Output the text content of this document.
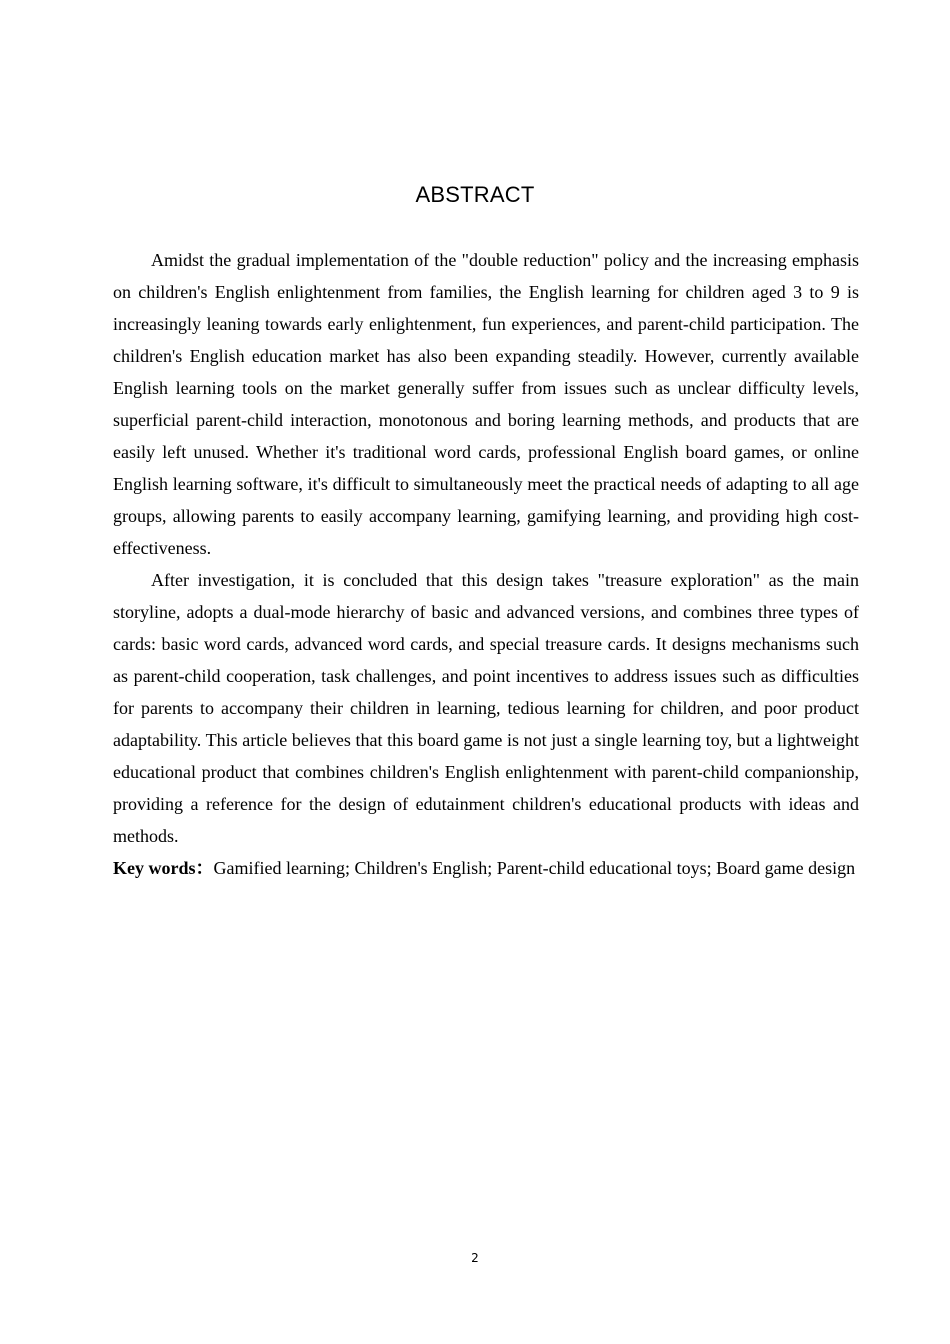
ABSTRACT

Amidst the gradual implementation of the "double reduction" policy and the increasing emphasis on children's English enlightenment from families, the English learning for children aged 3 to 9 is increasingly leaning towards early enlightenment, fun experiences, and parent-child participation. The children's English education market has also been expanding steadily. However, currently available English learning tools on the market generally suffer from issues such as unclear difficulty levels, superficial parent-child interaction, monotonous and boring learning methods, and products that are easily left unused. Whether it's traditional word cards, professional English board games, or online English learning software, it's difficult to simultaneously meet the practical needs of adapting to all age groups, allowing parents to easily accompany learning, gamifying learning, and providing high cost-effectiveness.

After investigation, it is concluded that this design takes "treasure exploration" as the main storyline, adopts a dual-mode hierarchy of basic and advanced versions, and combines three types of cards: basic word cards, advanced word cards, and special treasure cards. It designs mechanisms such as parent-child cooperation, task challenges, and point incentives to address issues such as difficulties for parents to accompany their children in learning, tedious learning for children, and poor product adaptability. This article believes that this board game is not just a single learning toy, but a lightweight educational product that combines children's English enlightenment with parent-child companionship, providing a reference for the design of edutainment children's educational products with ideas and methods.

Key words：Gamified learning; Children's English; Parent-child educational toys; Board game design

2
